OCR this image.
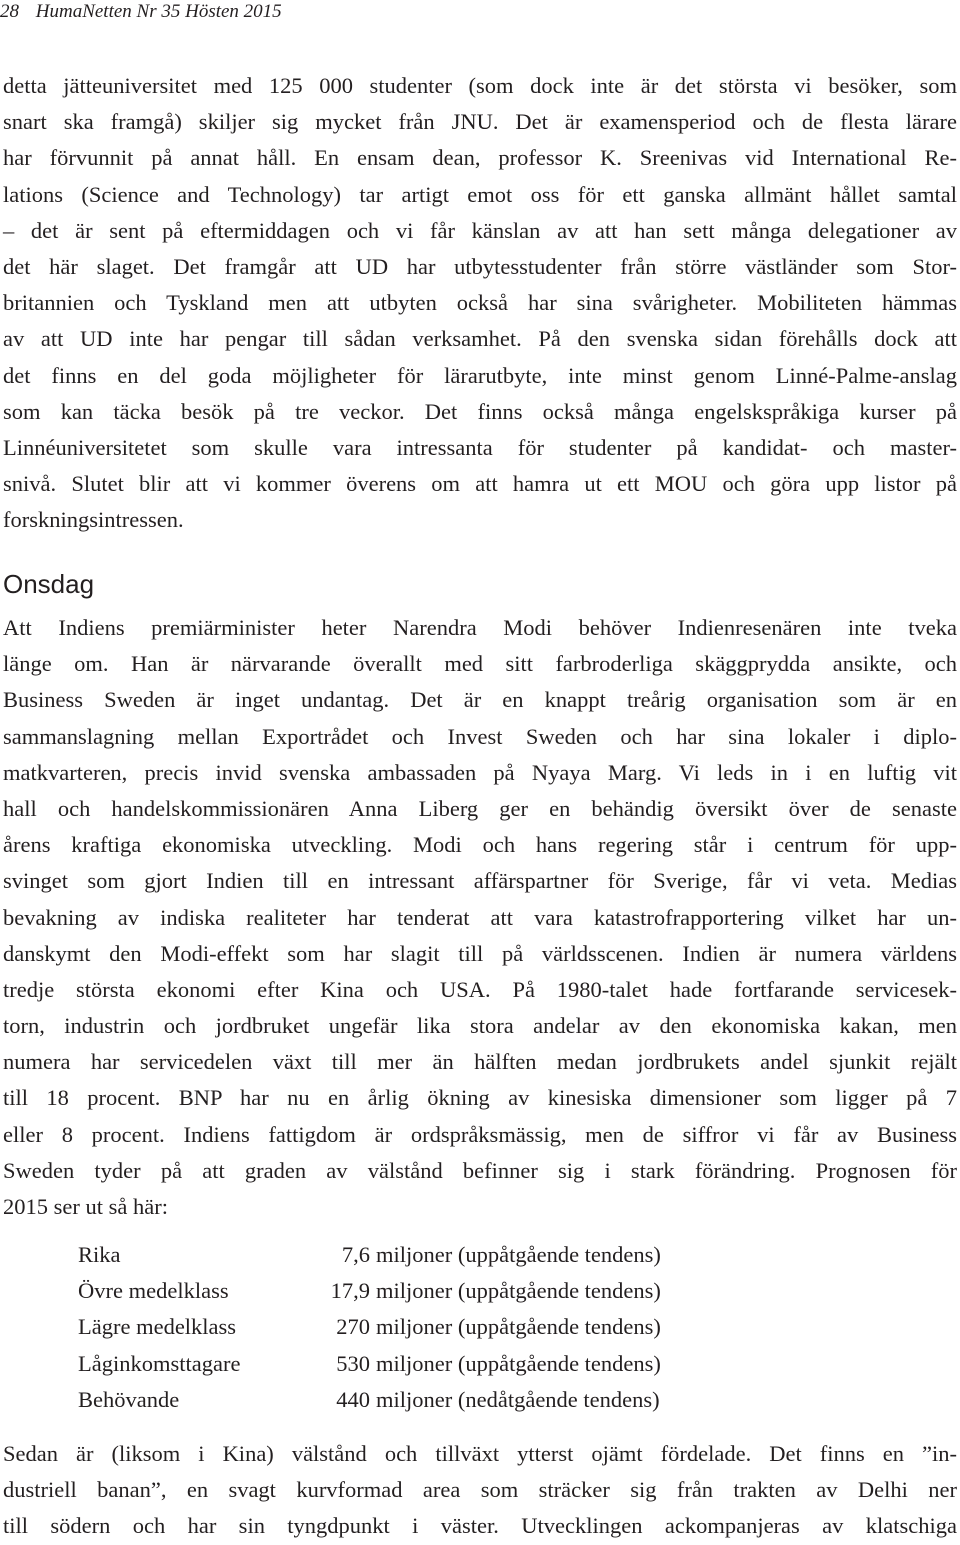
28 HumaNetten Nr 35 Hösten 2015
detta jätteuniversitet med 125 000 studenter (som dock inte är det största vi besöker, som
snart ska framgå) skiljer sig mycket från JNU. Det är examensperiod och de flesta lärare
har förvunnit på annat håll. En ensam dean, professor K. Sreenivas vid International Re-
lations (Science and Technology) tar artigt emot oss för ett ganska allmänt hållet samtal
– det är sent på eftermiddagen och vi får känslan av att han sett många delegationer av
det här slaget. Det framgår att UD har utbytesstudenter från större västländer som Stor-
britannien och Tyskland men att utbyten också har sina svårigheter. Mobiliteten hämmas
av att UD inte har pengar till sådan verksamhet. På den svenska sidan förehålls dock att
det finns en del goda möjligheter för lärarutbyte, inte minst genom Linné-Palme-anslag
som kan täcka besök på tre veckor. Det finns också många engelskspråkiga kurser på
Linnéuniversitetet som skulle vara intressanta för studenter på kandidat- och master-
snivå. Slutet blir att vi kommer överens om att hamra ut ett MOU och göra upp listor på
forskningsintressen.
Onsdag
Att Indiens premiärminister heter Narendra Modi behöver Indienresenären inte tveka
länge om. Han är närvarande överallt med sitt farbroderliga skäggprydda ansikte, och
Business Sweden är inget undantag. Det är en knappt treårig organisation som är en
sammanslagning mellan Exportrådet och Invest Sweden och har sina lokaler i diplo-
matkvarteren, precis invid svenska ambassaden på Nyaya Marg. Vi leds in i en luftig vit
hall och handelskommissionären Anna Liberg ger en behändig översikt över de senaste
årens kraftiga ekonomiska utveckling. Modi och hans regering står i centrum för upp-
svinget som gjort Indien till en intressant affärspartner för Sverige, får vi veta. Medias
bevakning av indiska realiteter har tenderat att vara katastrofrapportering vilket har un-
danskymt den Modi-effekt som har slagit till på världsscenen. Indien är numera världens
tredje största ekonomi efter Kina och USA. På 1980-talet hade fortfarande servicesek-
torn, industrin och jordbruket ungefär lika stora andelar av den ekonomiska kakan, men
numera har servicedelen växt till mer än hälften medan jordbrukets andel sjunkit rejält
till 18 procent. BNP har nu en årlig ökning av kinesiska dimensioner som ligger på 7
eller 8 procent. Indiens fattigdom är ordspråksmässig, men de siffror vi får av Business
Sweden tyder på att graden av välstånd befinner sig i stark förändring. Prognosen för
2015 ser ut så här:
Rika	7,6 miljoner (uppåtgående tendens)
Övre medelklass	17,9 miljoner (uppåtgående tendens)
Lägre medelklass	270 miljoner (uppåtgående tendens)
Låginkomsttagare	530 miljoner (uppåtgående tendens)
Behövande	440 miljoner (nedåtgående tendens)
Sedan är (liksom i Kina) välstånd och tillväxt ytterst ojämt fördelade. Det finns en ”in-
dustriell banan”, en svagt kurvformad area som sträcker sig från trakten av Delhi ner
till södern och har sin tyngdpunkt i väster. Utvecklingen ackompanjeras av klatschiga
